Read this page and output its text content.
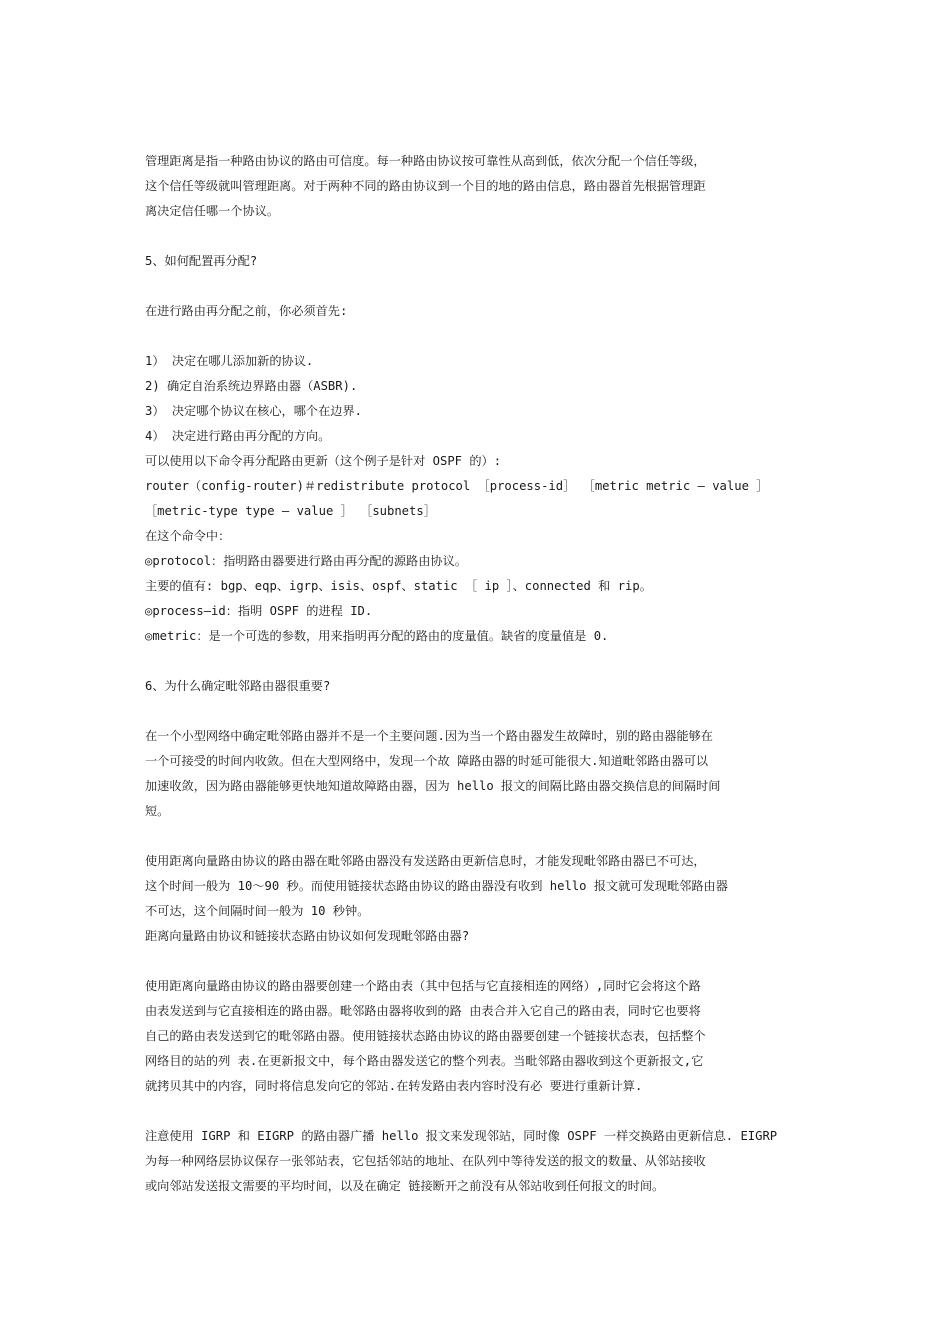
管理距离是指一种路由协议的路由可信度。每一种路由协议按可靠性从高到低，依次分配一个信任等级，
这个信任等级就叫管理距离。对于两种不同的路由协议到一个目的地的路由信息，路由器首先根据管理距
离决定信任哪一个协议。
5、如何配置再分配?
在进行路由再分配之前，你必须首先:
1） 决定在哪儿添加新的协议.
2) 确定自治系统边界路由器（ASBR).
3） 决定哪个协议在核心，哪个在边界.
4） 决定进行路由再分配的方向。
可以使用以下命令再分配路由更新（这个例子是针对 OSPF 的）:
router（config-router)＃redistribute protocol ［process-id］ ［metric metric — value ］
［metric-type type — value ］ ［subnets］
在这个命令中：
◎protocol：指明路由器要进行路由再分配的源路由协议。
主要的值有: bgp、eqp、igrp、isis、ospf、static ［ ip ］、connected 和 rip。
◎process—id：指明 OSPF 的进程 ID.
◎metric：是一个可选的参数，用来指明再分配的路由的度量值。缺省的度量值是 0.
6、为什么确定毗邻路由器很重要?
在一个小型网络中确定毗邻路由器并不是一个主要问题.因为当一个路由器发生故障时，别的路由器能够在
一个可接受的时间内收敛。但在大型网络中，发现一个故 障路由器的时延可能很大.知道毗邻路由器可以
加速收敛，因为路由器能够更快地知道故障路由器，因为 hello 报文的间隔比路由器交换信息的间隔时间
短。
使用距离向量路由协议的路由器在毗邻路由器没有发送路由更新信息时，才能发现毗邻路由器已不可达，
这个时间一般为 10～90 秒。而使用链接状态路由协议的路由器没有收到 hello 报文就可发现毗邻路由器
不可达，这个间隔时间一般为 10 秒钟。
距离向量路由协议和链接状态路由协议如何发现毗邻路由器?
使用距离向量路由协议的路由器要创建一个路由表（其中包括与它直接相连的网络）,同时它会将这个路
由表发送到与它直接相连的路由器。毗邻路由器将收到的路 由表合并入它自己的路由表，同时它也要将
自己的路由表发送到它的毗邻路由器。使用链接状态路由协议的路由器要创建一个链接状态表，包括整个
网络目的站的列 表.在更新报文中，每个路由器发送它的整个列表。当毗邻路由器收到这个更新报文,它
就拷贝其中的内容，同时将信息发向它的邻站.在转发路由表内容时没有必 要进行重新计算.
注意使用 IGRP 和 EIGRP 的路由器广播 hello 报文来发现邻站，同时像 OSPF 一样交换路由更新信息. EIGRP
为每一种网络层协议保存一张邻站表，它包括邻站的地址、在队列中等待发送的报文的数量、从邻站接收
或向邻站发送报文需要的平均时间，以及在确定 链接断开之前没有从邻站收到任何报文的时间。
